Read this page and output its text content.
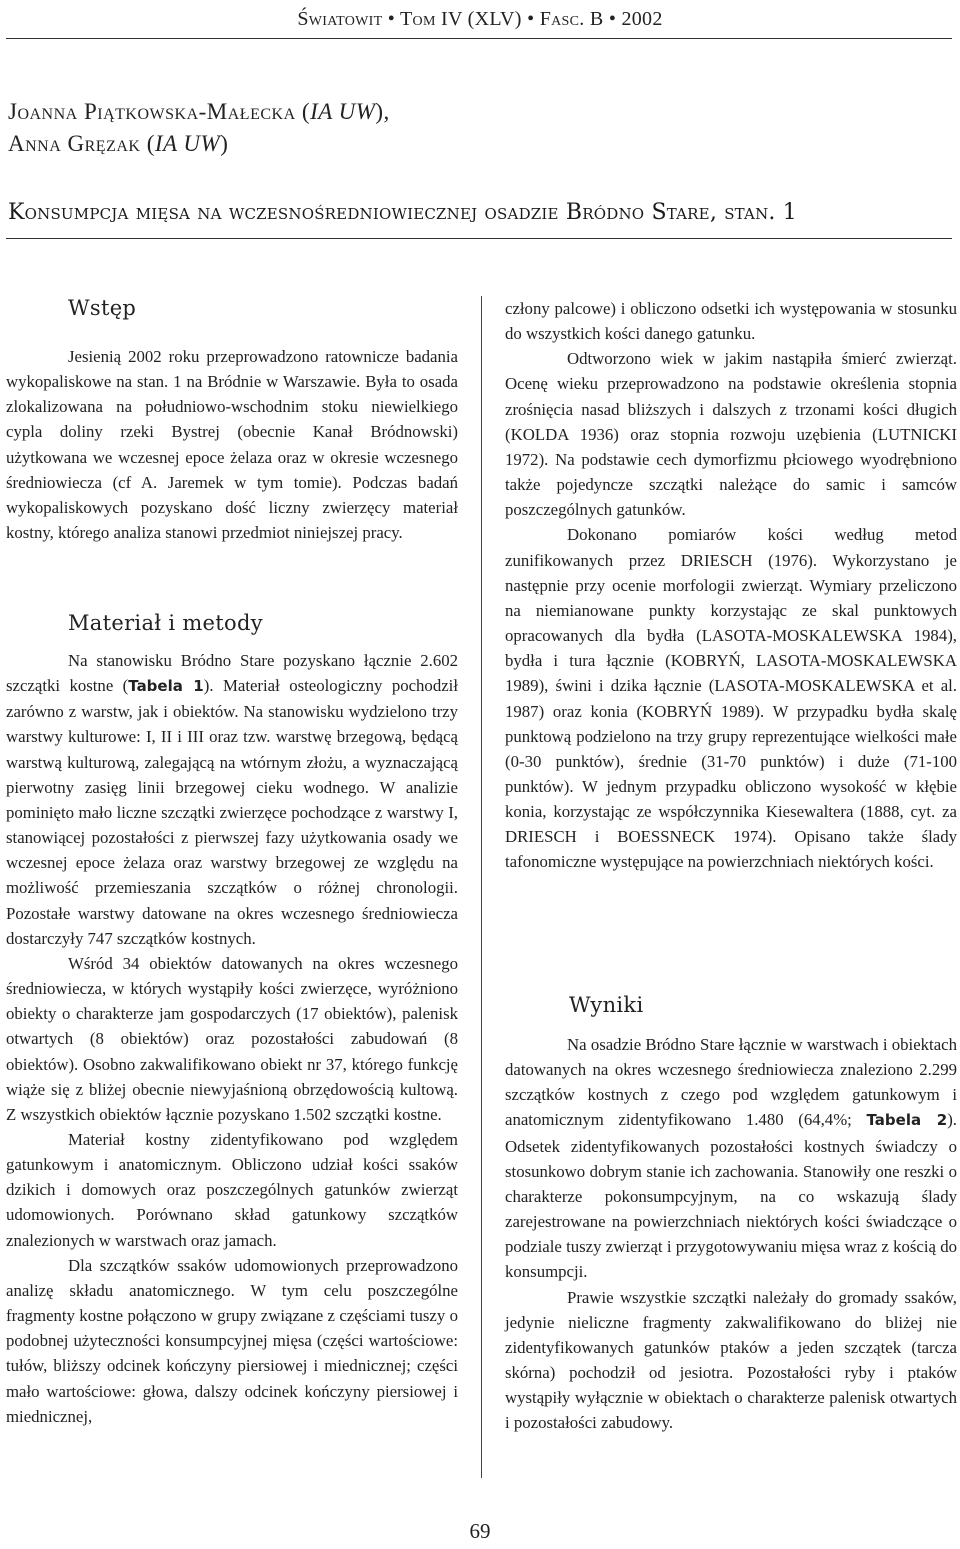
Światowit • Tom IV (XLV) • Fasc. B • 2002
Joanna Piątkowska-Małecka (IA UW),
Anna Gręzak (IA UW)
Konsumpcja mięsa na wczesnośredniowiecznej osadzie Bródno Stare, stan. 1
Wstęp

Jesienią 2002 roku przeprowadzono ratownicze badania wykopaliskowe na stan. 1 na Bródnie w Warszawie. Była to osada zlokalizowana na południowo-wschodnim stoku niewielkiego cypla doliny rzeki Bystrej (obecnie Kanał Bródnowski) użytkowana we wczesnej epoce żelaza oraz w okresie wczesnego średniowiecza (cf A. Jaremek w tym tomie). Podczas badań wykopaliskowych pozyskano dość liczny zwierzęcy materiał kostny, którego analiza stanowi przedmiot niniejszej pracy.

Materiał i metody

Na stanowisku Bródno Stare pozyskano łącznie 2.602 szczątki kostne (Tabela 1). Materiał osteologiczny pochodził zarówno z warstw, jak i obiektów. Na stanowisku wydzielono trzy warstwy kulturowe: I, II i III oraz tzw. warstwę brzegową, będącą warstwą kulturową, zalegającą na wtórnym złożu, a wyznaczającą pierwotny zasięg linii brzegowej cieku wodnego. W analizie pominięto mało liczne szczątki zwierzęce pochodzące z warstwy I, stanowiącej pozostałości z pierwszej fazy użytkowania osady we wczesnej epoce żelaza oraz warstwy brzegowej ze względu na możliwość przemieszania szczątków o różnej chronologii. Pozostałe warstwy datowane na okres wczesnego średniowiecza dostarczyły 747 szczątków kostnych.

Wśród 34 obiektów datowanych na okres wczesnego średniowiecza, w których wystąpiły kości zwierzęce, wyróżniono obiekty o charakterze jam gospodarczych (17 obiektów), palenisk otwartych (8 obiektów) oraz pozostałości zabudowań (8 obiektów). Osobno zakwalifikowano obiekt nr 37, którego funkcję wiąże się z bliżej obecnie niewyjaśnioną obrzędowością kultową. Z wszystkich obiektów łącznie pozyskano 1.502 szczątki kostne.

Materiał kostny zidentyfikowano pod względem gatunkowym i anatomicznym. Obliczono udział kości ssaków dzikich i domowych oraz poszczególnych gatunków zwierząt udomowionych. Porównano skład gatunkowy szczątków znalezionych w warstwach oraz jamach.

Dla szczątków ssaków udomowionych przeprowadzono analizę składu anatomicznego. W tym celu poszczególne fragmenty kostne połączono w grupy związane z częściami tuszy o podobnej użyteczności konsumpcyjnej mięsa (części wartościowe: tułów, bliższy odcinek kończyny piersiowej i miednicznej; części mało wartościowe: głowa, dalszy odcinek kończyny piersiowej i miednicznej,

człony palcowe) i obliczono odsetki ich występowania w stosunku do wszystkich kości danego gatunku.

Odtworzono wiek w jakim nastąpiła śmierć zwierząt. Ocenę wieku przeprowadzono na podstawie określenia stopnia zrośnięcia nasad bliższych i dalszych z trzonami kości długich (KOLDA 1936) oraz stopnia rozwoju uzębienia (LUTNICKI 1972). Na podstawie cech dymorfizmu płciowego wyodrębniono także pojedyncze szczątki należące do samic i samców poszczególnych gatunków.

Dokonano pomiarów kości według metod zunifikowanych przez DRIESCH (1976). Wykorzystano je następnie przy ocenie morfologii zwierząt. Wymiary przeliczono na niemianowane punkty korzystając ze skal punktowych opracowanych dla bydła (LASOTA-MOSKALEWSKA 1984), bydła i tura łącznie (KOBRYŃ, LASOTA-MOSKALEWSKA 1989), świni i dzika łącznie (LASOTA-MOSKALEWSKA et al. 1987) oraz konia (KOBRYŃ 1989). W przypadku bydła skalę punktową podzielono na trzy grupy reprezentujące wielkości małe (0-30 punktów), średnie (31-70 punktów) i duże (71-100 punktów). W jednym przypadku obliczono wysokość w kłębie konia, korzystając ze współczynnika Kiesewaltera (1888, cyt. za DRIESCH i BOESSNECK 1974). Opisano także ślady tafonomiczne występujące na powierzchniach niektórych kości.

Wyniki

Na osadzie Bródno Stare łącznie w warstwach i obiektach datowanych na okres wczesnego średniowiecza znaleziono 2.299 szczątków kostnych z czego pod względem gatunkowym i anatomicznym zidentyfikowano 1.480 (64,4%; Tabela 2). Odsetek zidentyfikowanych pozostałości kostnych świadczy o stosunkowo dobrym stanie ich zachowania. Stanowiły one reszki o charakterze pokonsumpcyjnym, na co wskazują ślady zarejestrowane na powierzchniach niektórych kości świadczące o podziale tuszy zwierząt i przygotowywaniu mięsa wraz z kością do konsumpcji.

Prawie wszystkie szczątki należały do gromady ssaków, jedynie nieliczne fragmenty zakwalifikowano do bliżej nie zidentyfikowanych gatunków ptaków a jeden szczątek (tarcza skórna) pochodził od jesiotra. Pozostałości ryby i ptaków wystąpiły wyłącznie w obiektach o charakterze palenisk otwartych i pozostałości zabudowy.

69
